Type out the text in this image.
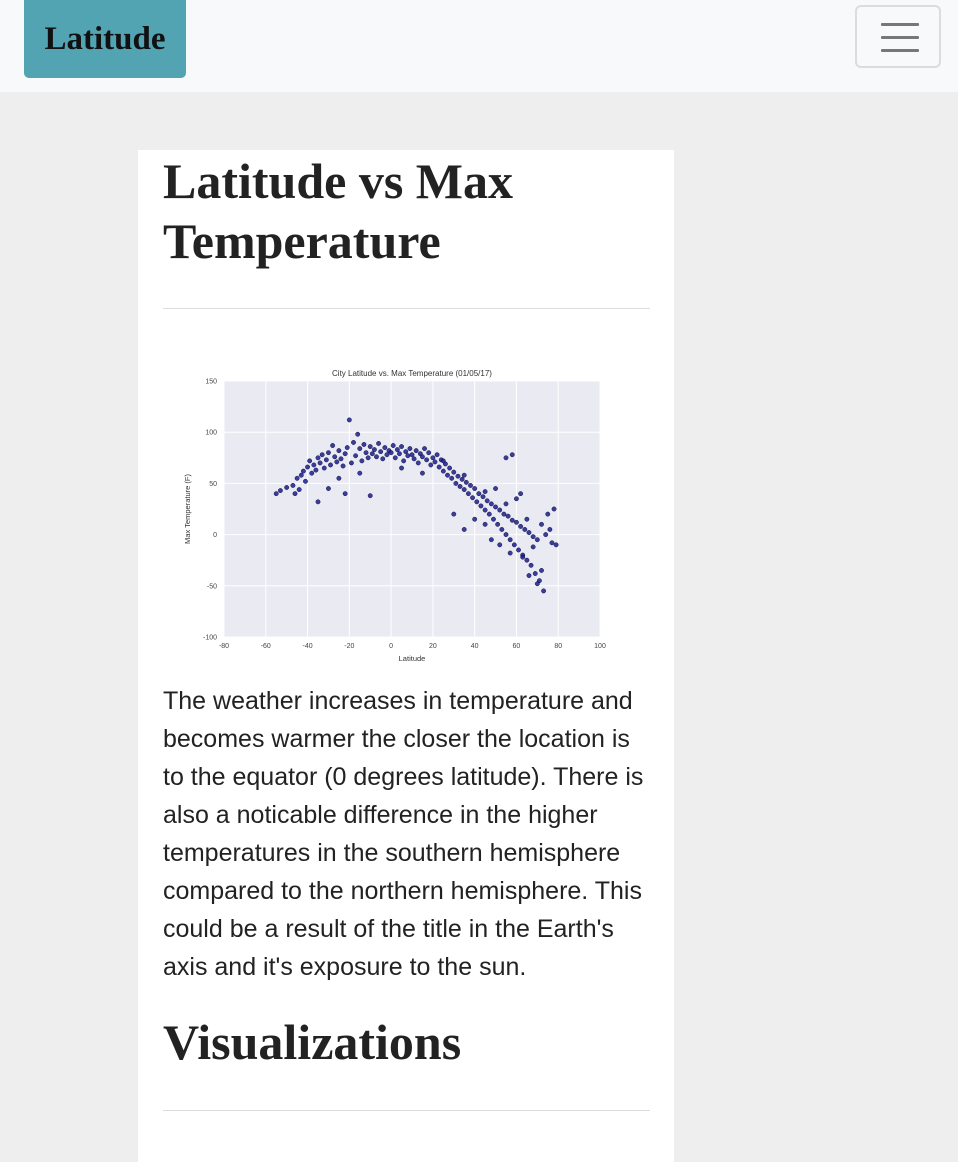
Latitude
Latitude vs Max Temperature
-80	-60	-40	-20	0	20	40	60	80	100
-100
-50
0
50
100
150
City Latitude vs. Max Temperature (01/05/17)
Latitude
Max Temperature (F)

The weather increases in temperature and becomes warmer the closer the location is to the equator (0 degrees latitude). There is also a noticable difference in the higher temperatures in the southern hemisphere compared to the northern hemisphere. This could be a result of the title in the Earth's axis and it's exposure to the sun.

Visualizations
